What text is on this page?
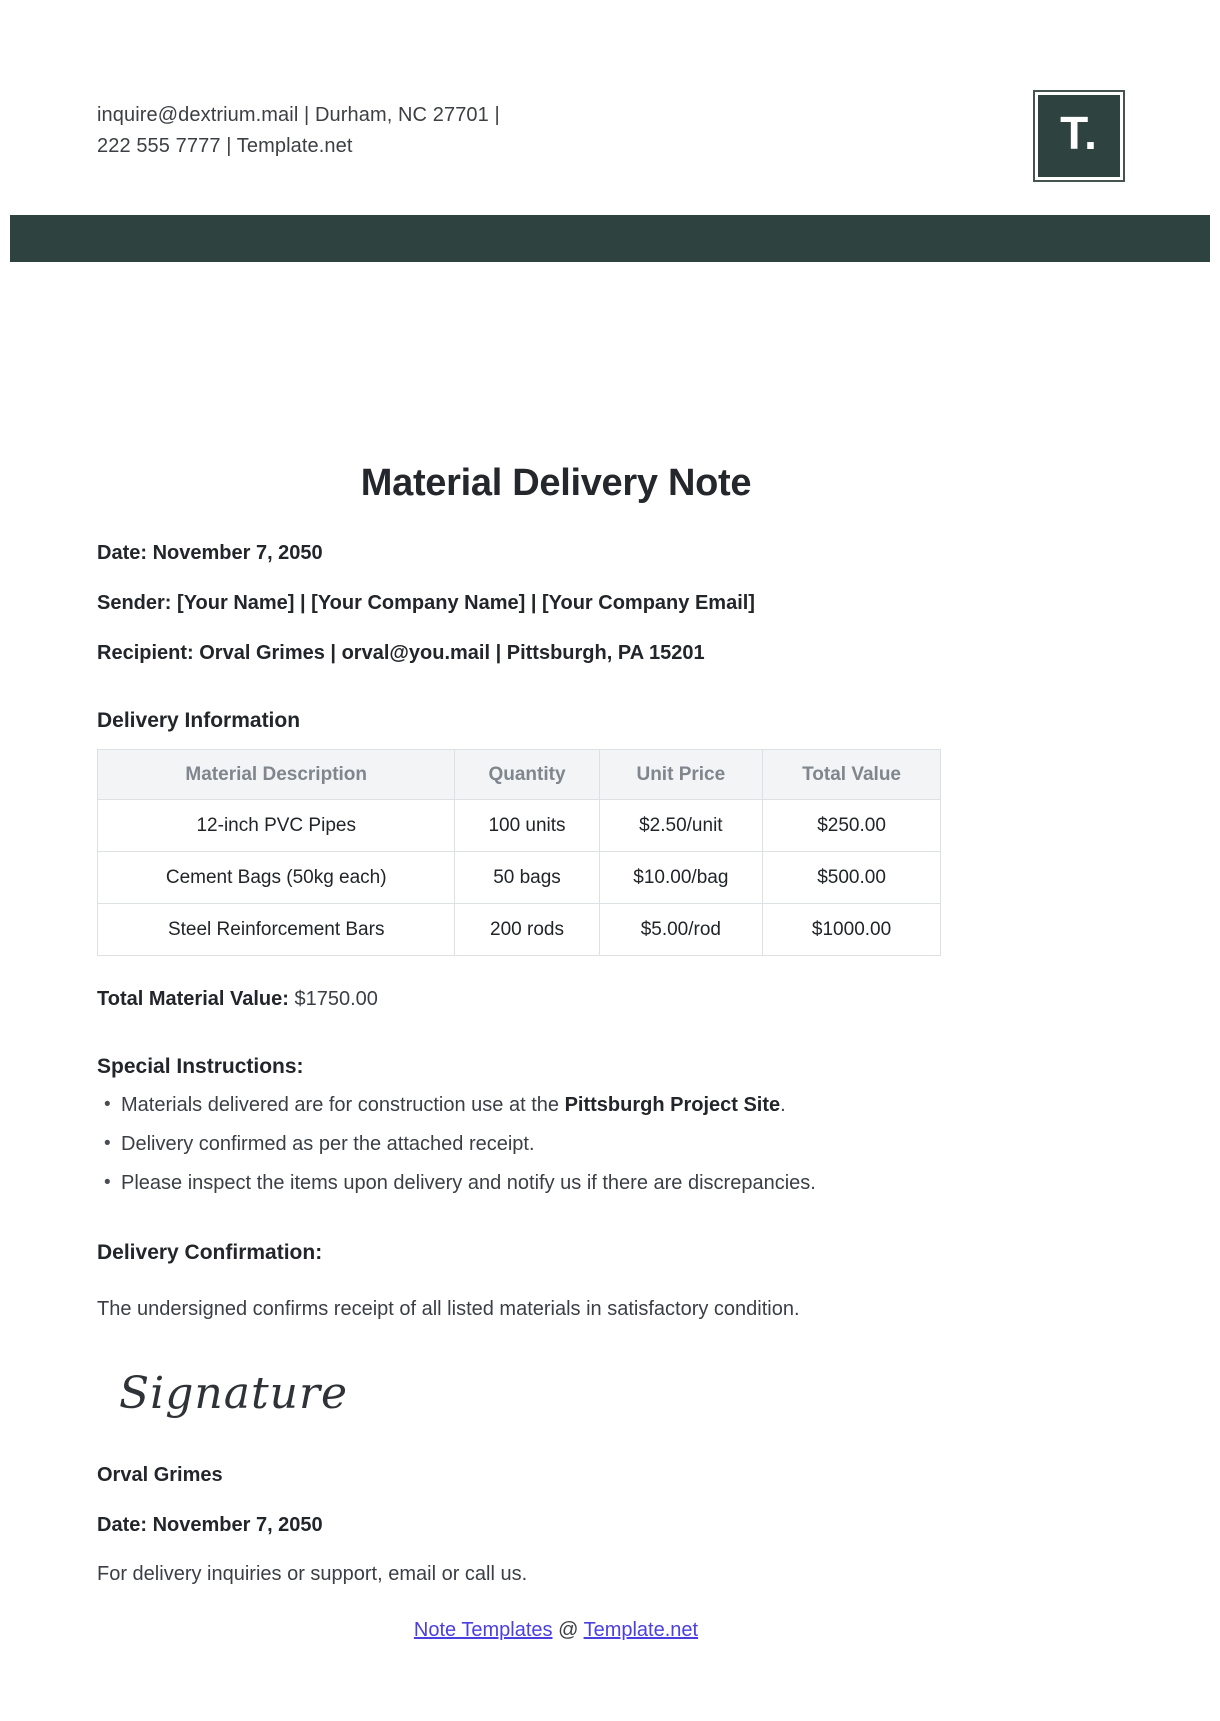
inquire@dextrium.mail | Durham, NC 27701 |
222 555 7777 | Template.net	T.
Material Delivery Note

Date: November 7, 2050

Sender: [Your Name] | [Your Company Name] | [Your Company Email]

Recipient: Orval Grimes | orval@you.mail | Pittsburgh, PA 15201

Delivery Information
Material Description	Quantity	Unit Price	Total Value
12-inch PVC Pipes	100 units	$2.50/unit	$250.00
Cement Bags (50kg each)	50 bags	$10.00/bag	$500.00
Steel Reinforcement Bars	200 rods	$5.00/rod	$1000.00

Total Material Value: $1750.00

Special Instructions:
• Materials delivered are for construction use at the Pittsburgh Project Site.
• Delivery confirmed as per the attached receipt.
• Please inspect the items upon delivery and notify us if there are discrepancies.
Delivery Confirmation:

The undersigned confirms receipt of all listed materials in satisfactory condition.

Signature

Orval Grimes

Date: November 7, 2050

For delivery inquiries or support, email or call us.

Note Templates @ Template.net
